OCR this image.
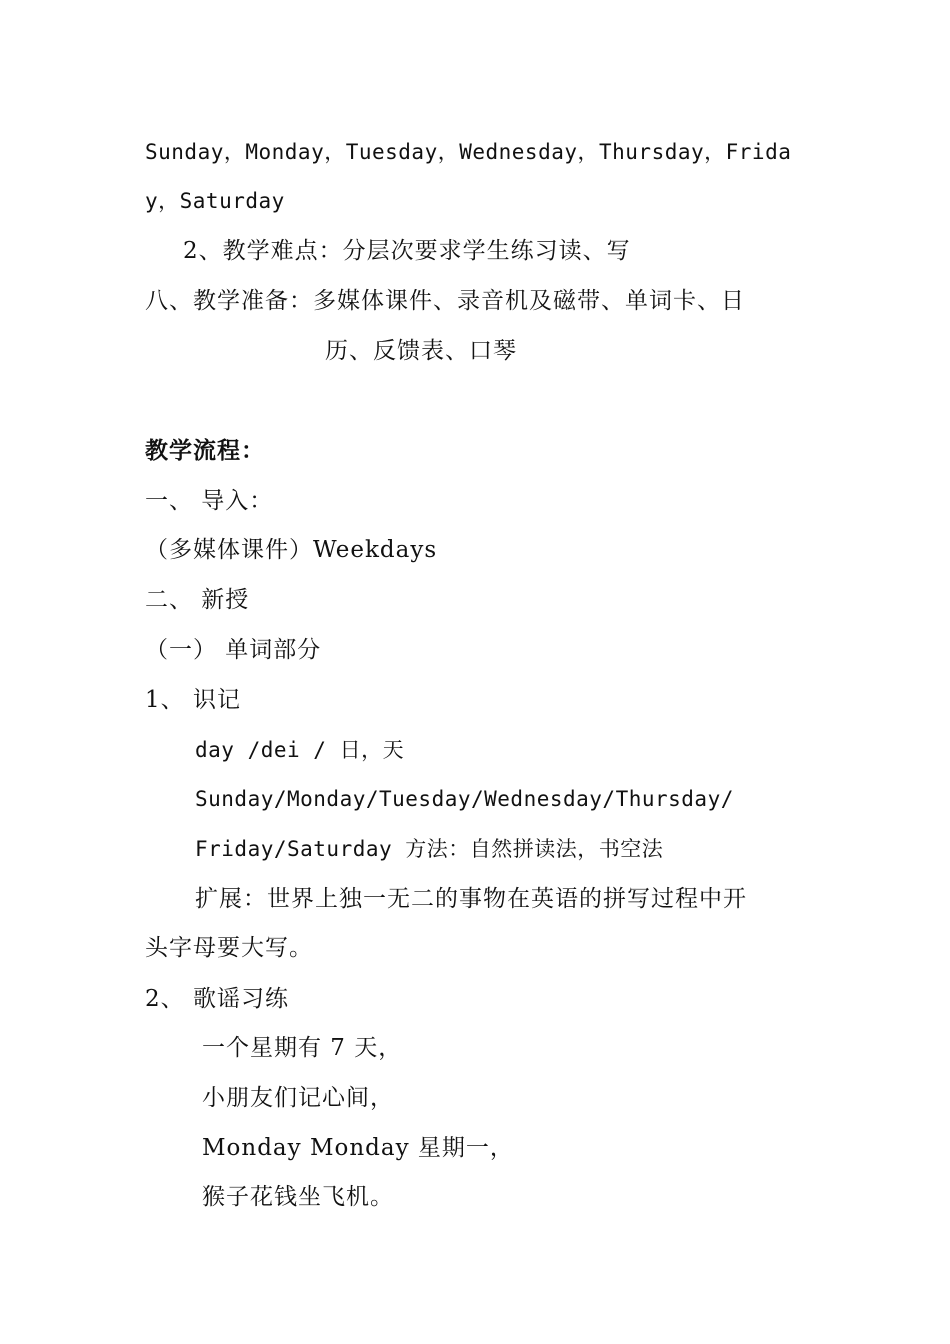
Sunday，Monday，Tuesday，Wednesday，Thursday，Frida
y，Saturday
2、教学难点：分层次要求学生练习读、写
八、教学准备：多媒体课件、录音机及磁带、单词卡、日
历、反馈表、口琴
教学流程：
一、 导入：
（多媒体课件）Weekdays
二、 新授
（一） 单词部分
1、 识记
day /dei / 日，天
Sunday/Monday/Tuesday/Wednesday/Thursday/
Friday/Saturday 方法：自然拼读法，书空法
扩展：世界上独一无二的事物在英语的拼写过程中开
头字母要大写。
2、 歌谣习练
一个星期有 7 天，
小朋友们记心间，
Monday Monday 星期一，
猴子花钱坐飞机。
